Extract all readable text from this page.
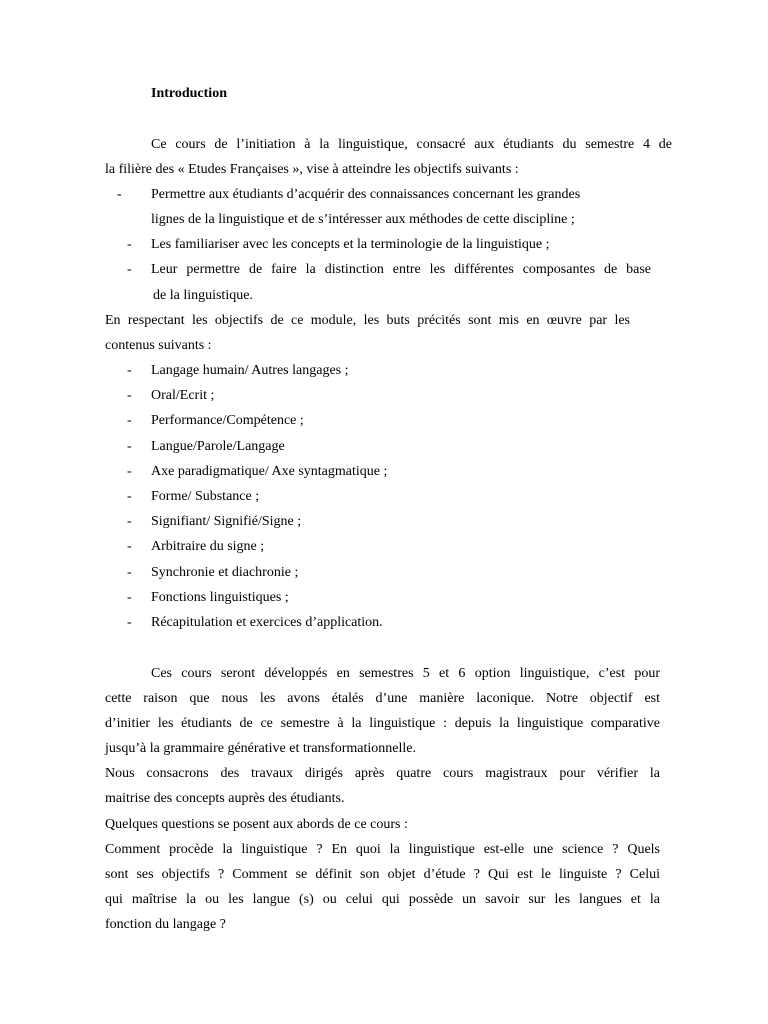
Introduction
Ce cours de l’initiation à la linguistique, consacré aux étudiants du semestre 4 de
la filière des « Etudes Françaises », vise à atteindre les objectifs suivants :
- Permettre aux étudiants d’acquérir des connaissances concernant les grandes
lignes de la linguistique et de s’intéresser aux méthodes de cette discipline ;
- Les familiariser avec les concepts et la terminologie de la linguistique ;
- Leur permettre de faire la distinction entre les différentes composantes de base
de la linguistique.
En respectant les objectifs de ce module, les buts précités sont mis en œuvre par les
contenus suivants :
- Langage humain/ Autres langages ;
- Oral/Ecrit ;
- Performance/Compétence ;
- Langue/Parole/Langage
- Axe paradigmatique/ Axe syntagmatique ;
- Forme/ Substance ;
- Signifiant/ Signifié/Signe ;
- Arbitraire du signe ;
- Synchronie et diachronie ;
- Fonctions linguistiques ;
- Récapitulation et exercices d’application.
Ces cours seront développés en semestres 5 et 6 option linguistique, c’est pour
cette raison que nous les avons étalés d’une manière laconique. Notre objectif est
d’initier les étudiants de ce semestre à la linguistique : depuis la linguistique comparative
jusqu’à la grammaire générative et transformationnelle.
Nous consacrons des travaux dirigés après quatre cours magistraux pour vérifier la
maitrise des concepts auprès des étudiants.
Quelques questions se posent aux abords de ce cours :
Comment procède la linguistique ? En quoi la linguistique est-elle une science ? Quels
sont ses objectifs ? Comment se définit son objet d’étude ? Qui est le linguiste ? Celui
qui maîtrise la ou les langue (s) ou celui qui possède un savoir sur les langues et la
fonction du langage ?
